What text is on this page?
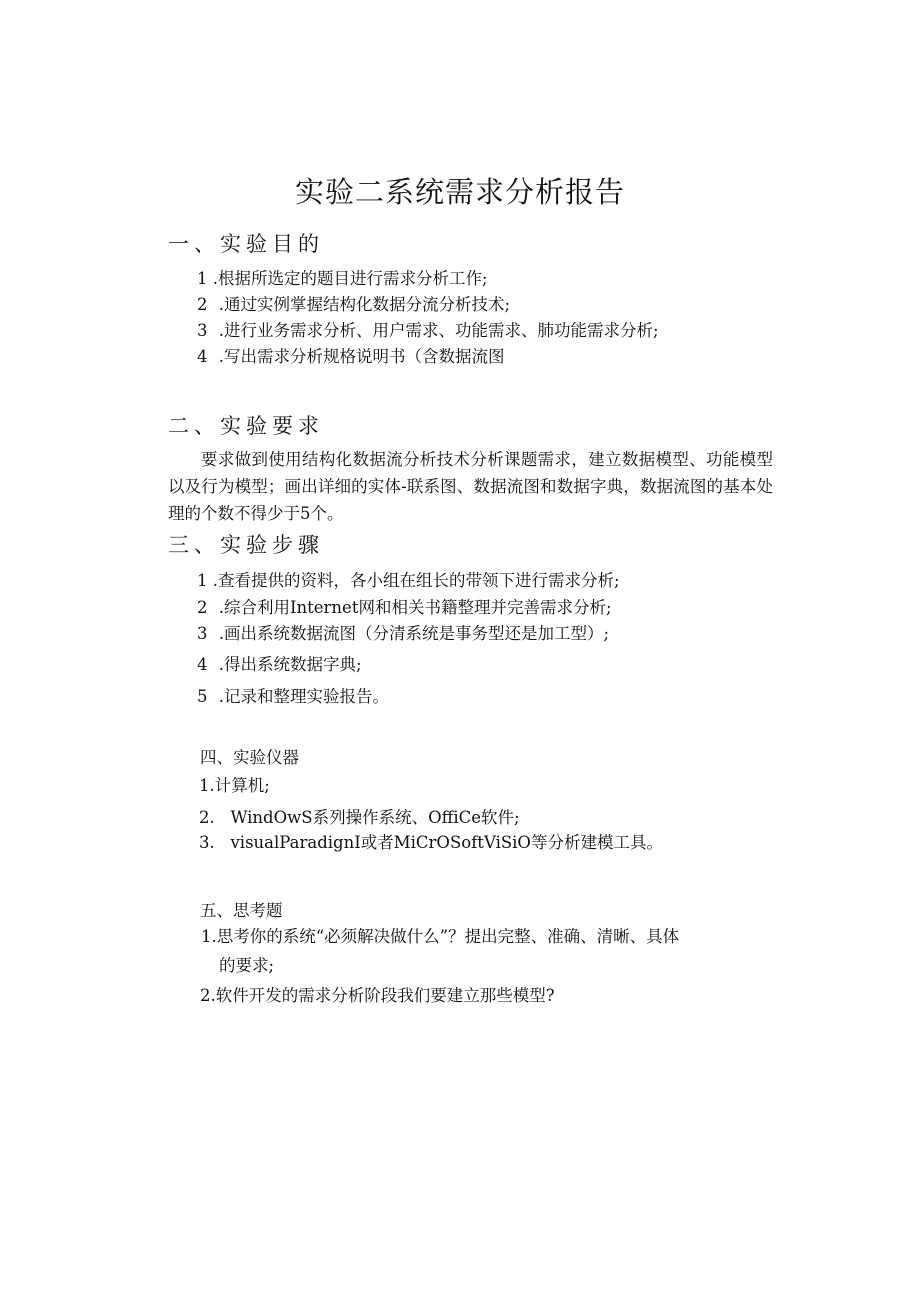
实验二系统需求分析报告
一、实验目的
1 .根据所选定的题目进行需求分析工作;
2 .通过实例掌握结构化数据分流分析技术;
3 .进行业务需求分析、用户需求、功能需求、肺功能需求分析;
4 .写出需求分析规格说明书（含数据流图
二、实验要求
要求做到使用结构化数据流分析技术分析课题需求，建立数据模型、功能模型以及行为模型；画出详细的实体-联系图、数据流图和数据字典，数据流图的基本处理的个数不得少于5个。
三、实验步骤
1 .查看提供的资料，各小组在组长的带领下进行需求分析;
2 .综合利用Internet网和相关书籍整理并完善需求分析;
3 .画出系统数据流图（分清系统是事务型还是加工型）;
4 .得出系统数据字典;
5 .记录和整理实验报告。
四、实验仪器
1.计算机;
2.   WindOwS系列操作系统、OffiCe软件;
3.   visualParadignI或者MiCrOSoftViSiO等分析建模工具。
五、思考题
1.思考你的系统“必须解决做什么”？提出完整、准确、清晰、具体
的要求;
2.软件开发的需求分析阶段我们要建立那些模型?
